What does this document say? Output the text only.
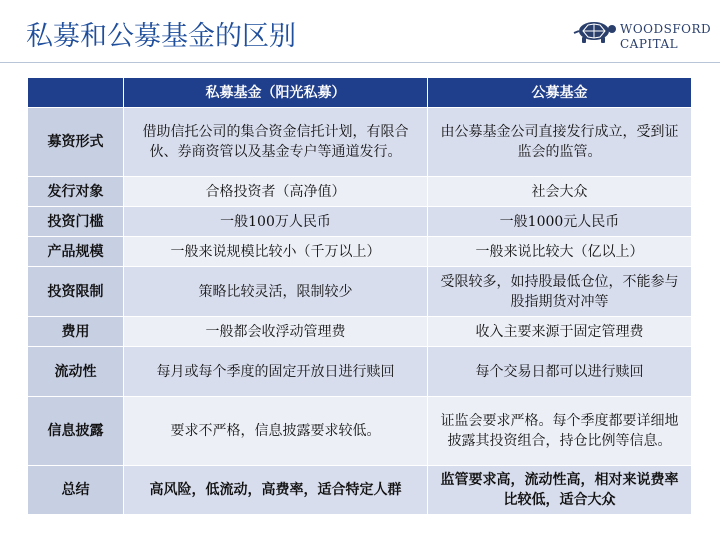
私募和公募基金的区别	WOODSFORD
CAPITAL
	私募基金（阳光私募）	公募基金
募资形式	借助信托公司的集合资金信托计划，有限合伙、券商资管以及基金专户等通道发行。	由公募基金公司直接发行成立，受到证监会的监管。
发行对象	合格投资者（高净值）	社会大众
投资门槛	一般100万人民币	一般1000元人民币
产品规模	一般来说规模比较小（千万以上）	一般来说比较大（亿以上）
投资限制	策略比较灵活，限制较少	受限较多，如持股最低仓位，不能参与股指期货对冲等
费用	一般都会收浮动管理费	收入主要来源于固定管理费
流动性	每月或每个季度的固定开放日进行赎回	每个交易日都可以进行赎回
信息披露	要求不严格，信息披露要求较低。	证监会要求严格。每个季度都要详细地披露其投资组合，持仓比例等信息。
总结	高风险，低流动，高费率，适合特定人群	监管要求高，流动性高，相对来说费率比较低，适合大众
